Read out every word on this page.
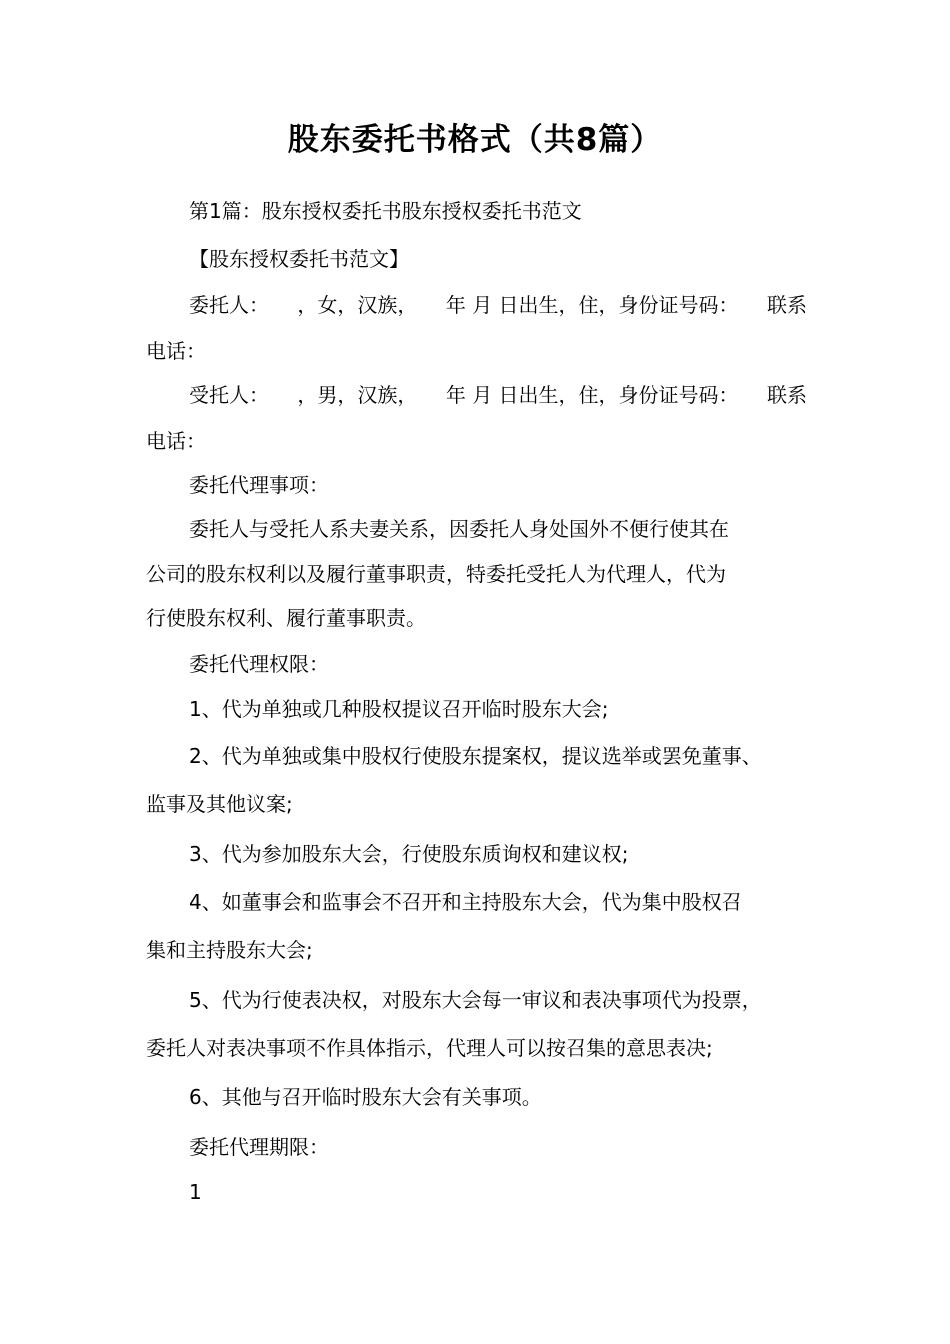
股东委托书格式（共8篇）
第1篇：股东授权委托书股东授权委托书范文
【股东授权委托书范文】
委托人： ，女，汉族， 年 月 日出生，住，身份证号码： 联系
电话：
受托人： ，男，汉族， 年 月 日出生，住，身份证号码： 联系
电话：
委托代理事项：
委托人与受托人系夫妻关系，因委托人身处国外不便行使其在
公司的股东权利以及履行董事职责，特委托受托人为代理人，代为
行使股东权利、履行董事职责。
委托代理权限：
1、代为单独或几种股权提议召开临时股东大会;
2、代为单独或集中股权行使股东提案权，提议选举或罢免董事、
监事及其他议案;
3、代为参加股东大会，行使股东质询权和建议权;
4、如董事会和监事会不召开和主持股东大会，代为集中股权召
集和主持股东大会;
5、代为行使表决权，对股东大会每一审议和表决事项代为投票，
委托人对表决事项不作具体指示，代理人可以按召集的意思表决;
6、其他与召开临时股东大会有关事项。
委托代理期限：
1
